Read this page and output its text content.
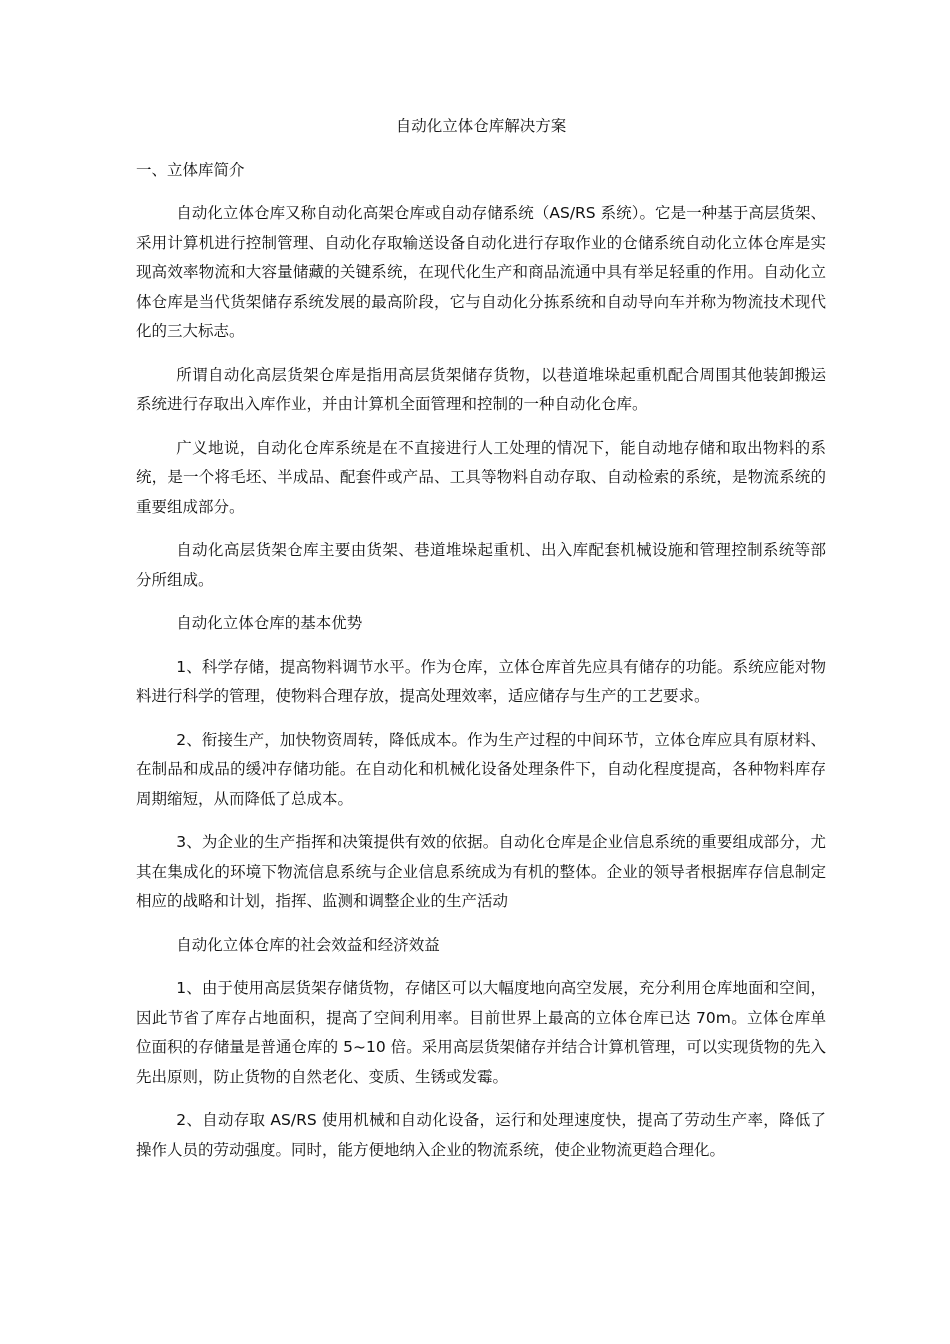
自动化立体仓库解决方案
一、立体库简介

自动化立体仓库又称自动化高架仓库或自动存储系统（AS/RS 系统）。它是一种基于高层货架、采用计算机进行控制管理、自动化存取输送设备自动化进行存取作业的仓储系统自动化立体仓库是实现高效率物流和大容量储藏的关键系统，在现代化生产和商品流通中具有举足轻重的作用。自动化立体仓库是当代货架储存系统发展的最高阶段，它与自动化分拣系统和自动导向车并称为物流技术现代化的三大标志。

所谓自动化高层货架仓库是指用高层货架储存货物，以巷道堆垛起重机配合周围其他装卸搬运系统进行存取出入库作业，并由计算机全面管理和控制的一种自动化仓库。

广义地说，自动化仓库系统是在不直接进行人工处理的情况下，能自动地存储和取出物料的系统，是一个将毛坯、半成品、配套件或产品、工具等物料自动存取、自动检索的系统，是物流系统的重要组成部分。

自动化高层货架仓库主要由货架、巷道堆垛起重机、出入库配套机械设施和管理控制系统等部分所组成。

自动化立体仓库的基本优势

1、科学存储，提高物料调节水平。作为仓库，立体仓库首先应具有储存的功能。系统应能对物料进行科学的管理，使物料合理存放，提高处理效率，适应储存与生产的工艺要求。

2、衔接生产，加快物资周转，降低成本。作为生产过程的中间环节，立体仓库应具有原材料、在制品和成品的缓冲存储功能。在自动化和机械化设备处理条件下，自动化程度提高，各种物料库存周期缩短，从而降低了总成本。

3、为企业的生产指挥和决策提供有效的依据。自动化仓库是企业信息系统的重要组成部分，尤其在集成化的环境下物流信息系统与企业信息系统成为有机的整体。企业的领导者根据库存信息制定相应的战略和计划，指挥、监测和调整企业的生产活动

自动化立体仓库的社会效益和经济效益

1、由于使用高层货架存储货物，存储区可以大幅度地向高空发展，充分利用仓库地面和空间，因此节省了库存占地面积，提高了空间利用率。目前世界上最高的立体仓库已达 70m。立体仓库单位面积的存储量是普通仓库的 5~10 倍。采用高层货架储存并结合计算机管理，可以实现货物的先入先出原则，防止货物的自然老化、变质、生锈或发霉。

2、自动存取 AS/RS 使用机械和自动化设备，运行和处理速度快，提高了劳动生产率，降低了操作人员的劳动强度。同时，能方便地纳入企业的物流系统，使企业物流更趋合理化。
